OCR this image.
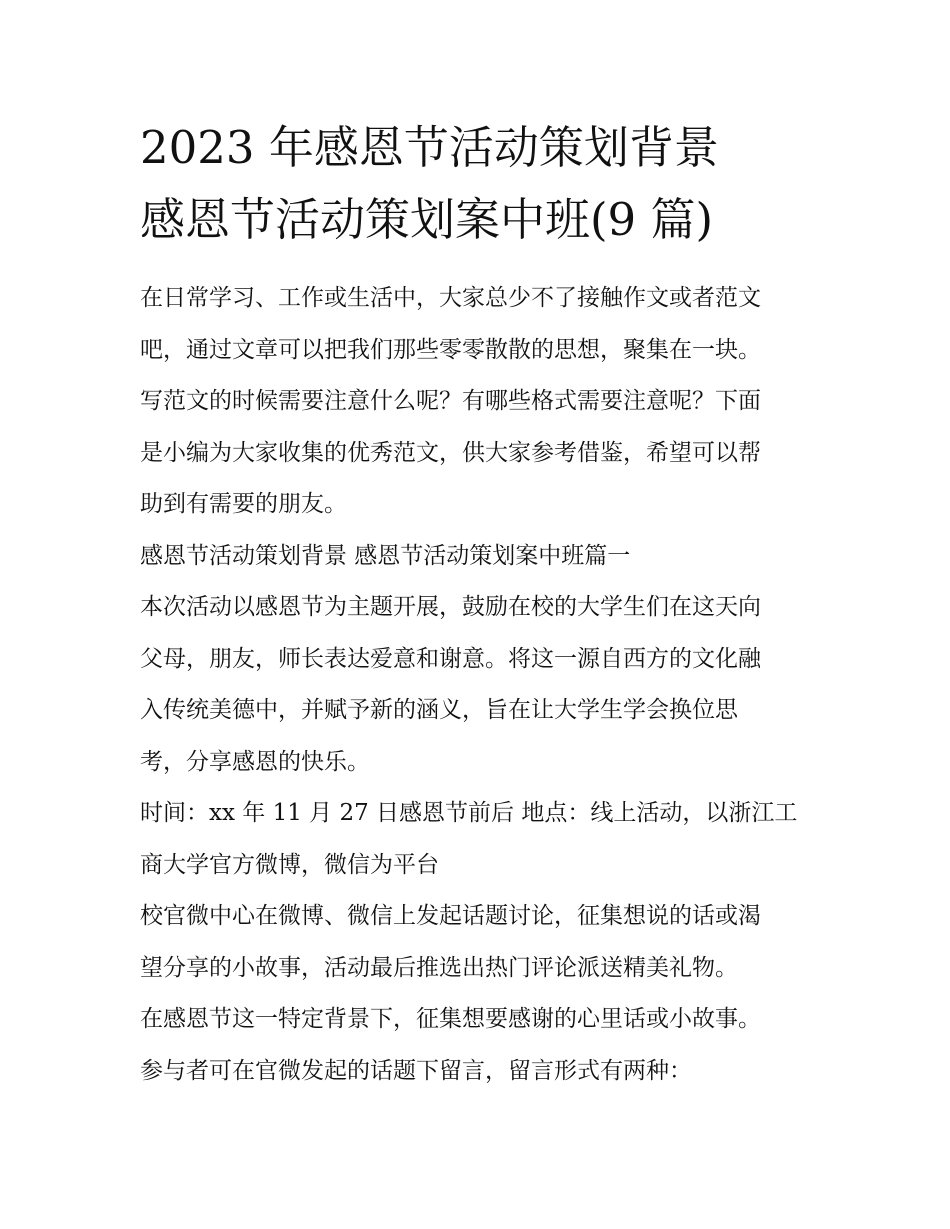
2023 年感恩节活动策划背景
感恩节活动策划案中班(9 篇)

在日常学习、工作或生活中，大家总少不了接触作文或者范文
吧，通过文章可以把我们那些零零散散的思想，聚集在一块。
写范文的时候需要注意什么呢？有哪些格式需要注意呢？下面
是小编为大家收集的优秀范文，供大家参考借鉴，希望可以帮
助到有需要的朋友。

感恩节活动策划背景 感恩节活动策划案中班篇一

本次活动以感恩节为主题开展，鼓励在校的大学生们在这天向
父母，朋友，师长表达爱意和谢意。将这一源自西方的文化融
入传统美德中，并赋予新的涵义，旨在让大学生学会换位思
考，分享感恩的快乐。

时间：xx 年 11 月 27 日感恩节前后 地点：线上活动，以浙江工
商大学官方微博，微信为平台

校官微中心在微博、微信上发起话题讨论，征集想说的话或渴
望分享的小故事，活动最后推选出热门评论派送精美礼物。

在感恩节这一特定背景下，征集想要感谢的心里话或小故事。

参与者可在官微发起的话题下留言，留言形式有两种：
